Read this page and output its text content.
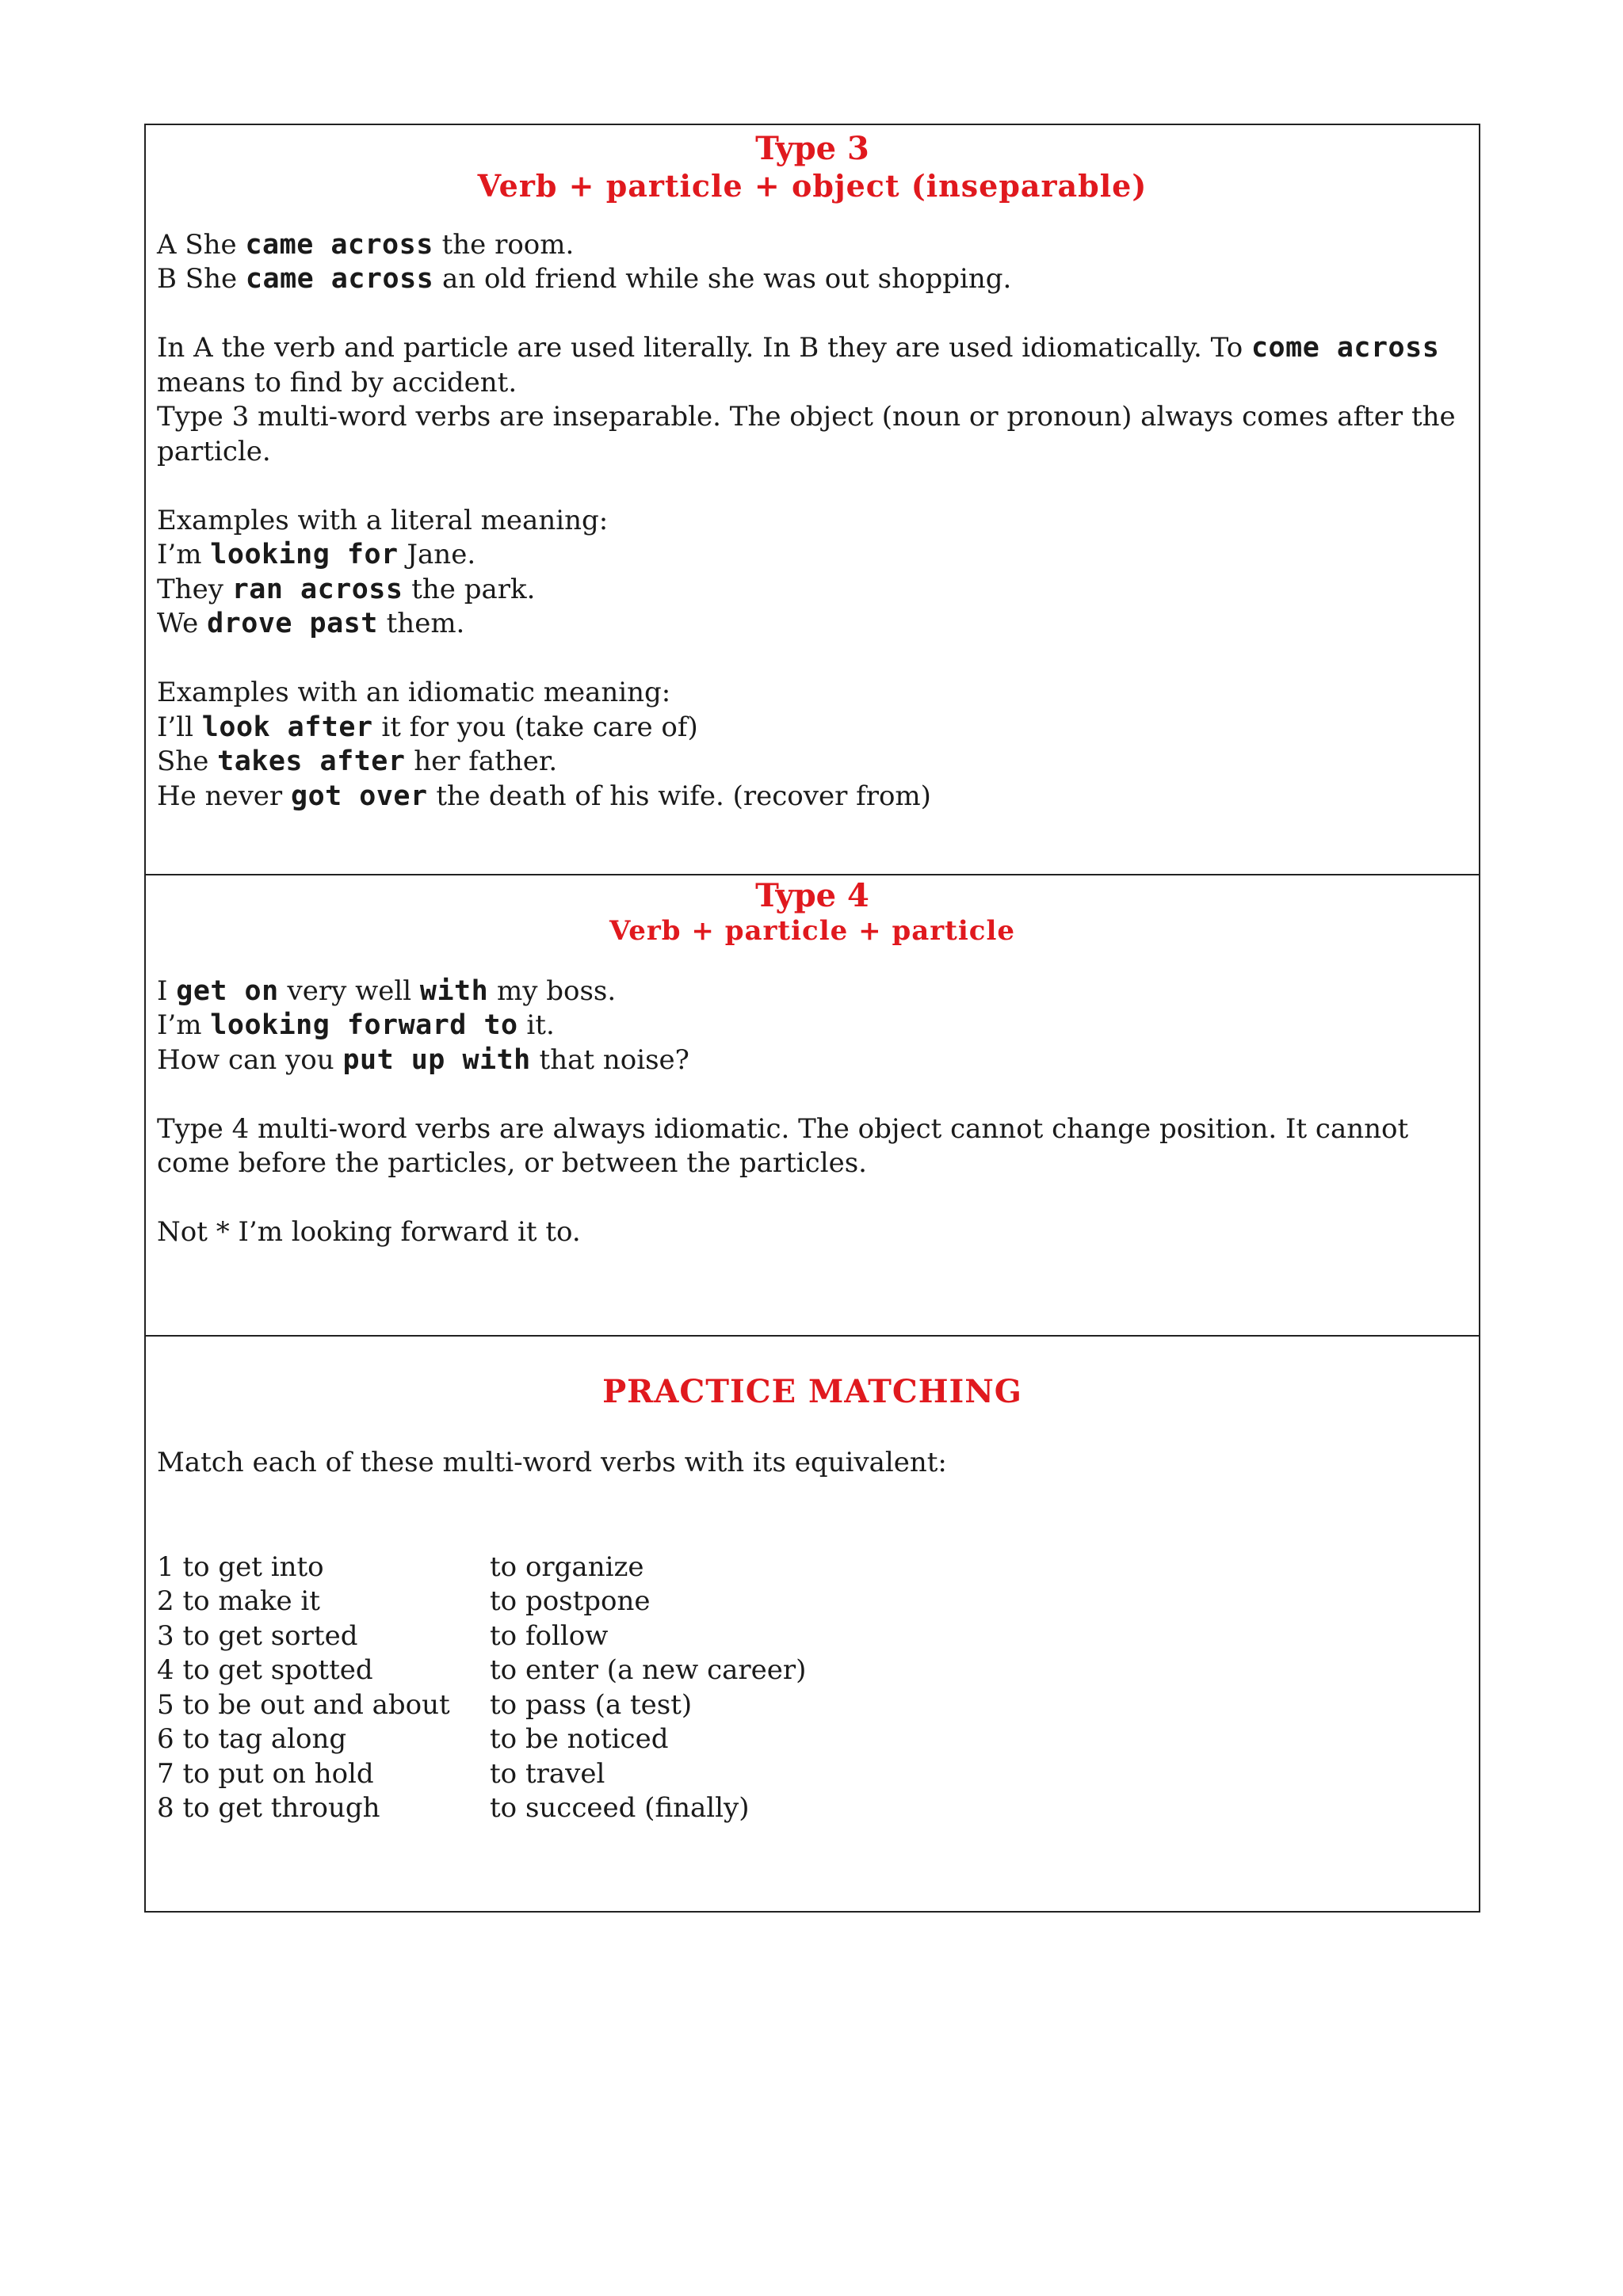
Type 3

Verb + particle + object (inseparable)

A She came across the room.

B She came across an old friend while she was out shopping.

In A the verb and particle are used literally. In B they are used idiomatically. To come across
means to find by accident.

Type 3 multi-word verbs are inseparable. The object (noun or pronoun) always comes after the particle.

Examples with a literal meaning:

I’m looking for Jane.

They ran across the park.

We drove past them.

Examples with an idiomatic meaning:

I’ll look after it for you (take care of)

She takes after her father.

He never got over the death of his wife. (recover from)

Type 4

Verb + particle + particle

I get on very well with my boss.

I’m looking forward to it.

How can you put up with that noise?

Type 4 multi-word verbs are always idiomatic. The object cannot change position. It cannot come before the particles, or between the particles.

Not * I’m looking forward it to.

PRACTICE MATCHING

Match each of these multi-word verbs with its equivalent:

1 to get into	to organize
2 to make it	to postpone
3 to get sorted	to follow
4 to get spotted	to enter (a new career)
5 to be out and about	to pass (a test)
6 to tag along	to be noticed
7 to put on hold	to travel
8 to get through	to succeed (finally)
